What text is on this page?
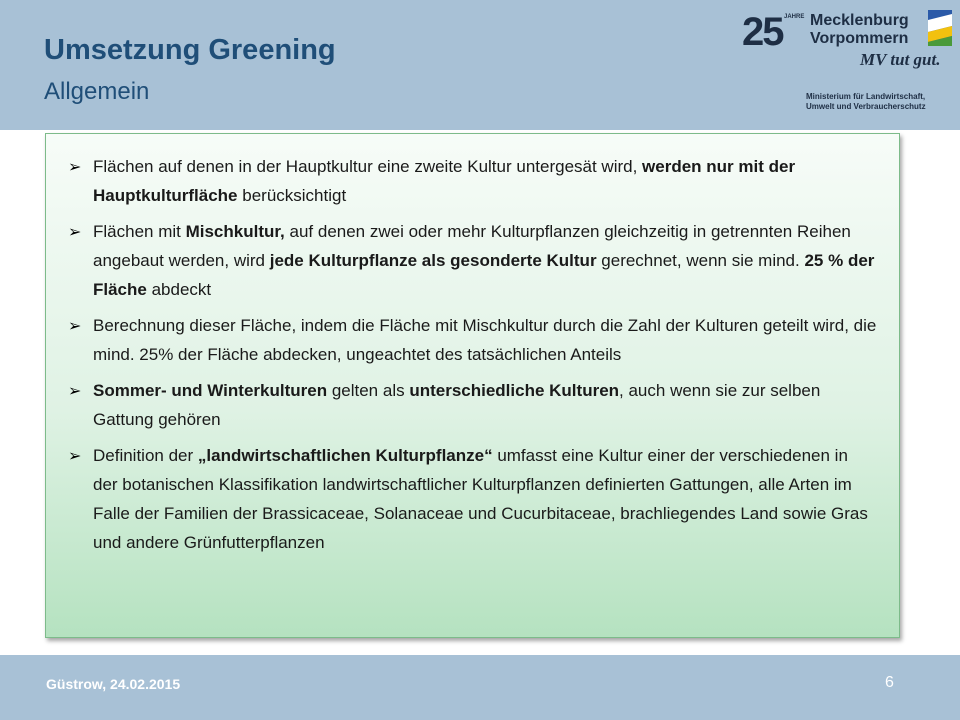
Umsetzung Greening
Allgemein
25 JAHRE Mecklenburg
Vorpommern
MV tut gut.
Ministerium für Landwirtschaft,
Umwelt und Verbraucherschutz
➢ Flächen auf denen in der Hauptkultur eine zweite Kultur untergesät wird, werden nur mit der Hauptkulturfläche berücksichtigt
➢ Flächen mit Mischkultur, auf denen zwei oder mehr Kulturpflanzen gleichzeitig in getrennten Reihen angebaut werden, wird jede Kulturpflanze als gesonderte Kultur gerechnet, wenn sie mind. 25 % der Fläche abdeckt
➢ Berechnung dieser Fläche, indem die Fläche mit Mischkultur durch die Zahl der Kulturen geteilt wird, die mind. 25% der Fläche abdecken, ungeachtet des tatsächlichen Anteils
➢ Sommer- und Winterkulturen gelten als unterschiedliche Kulturen, auch wenn sie zur selben Gattung gehören
➢ Definition der „landwirtschaftlichen Kulturpflanze“ umfasst eine Kultur einer der verschiedenen in der botanischen Klassifikation landwirtschaftlicher Kulturpflanzen definierten Gattungen, alle Arten im Falle der Familien der Brassicaceae, Solanaceae und Cucurbitaceae, brachliegendes Land sowie Gras und andere Grünfutterpflanzen
Güstrow, 24.02.2015	6
